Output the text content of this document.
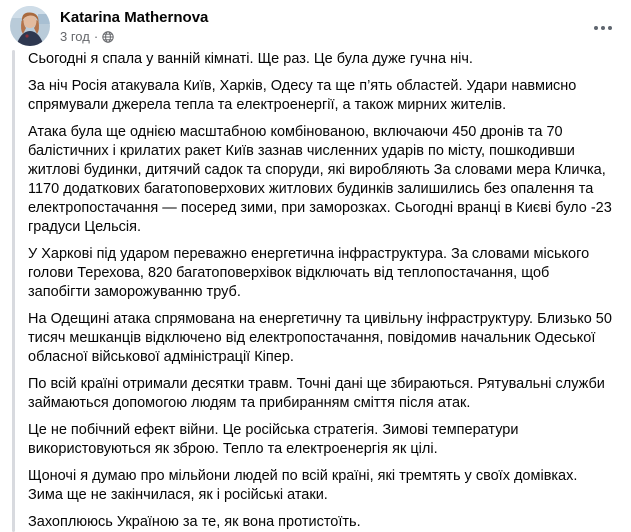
Katarina Mathernova
3 год ·

Сьогодні я спала у ванній кімнаті. Ще раз. Це була дуже гучна ніч.

За ніч Росія атакувала Київ, Харків, Одесу та ще п’ять областей. Удари навмисно спрямували джерела тепла та електроенергії, а також мирних жителів.

Атака була ще однією масштабною комбінованою, включаючи 450 дронів та 70 балістичних і крилатих ракет Київ зазнав численних ударів по місту, пошкодивши житлові будинки, дитячий садок та споруди, які виробляють За словами мера Кличка, 1170 додаткових багатоповерхових житлових будинків залишились без опалення та електропостачання — посеред зими, при заморозках. Сьогодні вранці в Києві було -23 градуси Цельсія.

У Харкові під ударом переважно енергетична інфраструктура. За словами міського голови Терехова, 820 багатоповерхівок відключать від теплопостачання, щоб запобігти заморожуванню труб.

На Одещині атака спрямована на енергетичну та цивільну інфраструктуру. Близько 50 тисяч мешканців відключено від електропостачання, повідомив начальник Одеської обласної військової адміністрації Кіпер.

По всій країні отримали десятки травм. Точні дані ще збираються. Рятувальні служби займаються допомогою людям та прибиранням сміття після атак.

Це не побічний ефект війни. Це російська стратегія. Зимові температури використовуються як зброю. Тепло та електроенергія як цілі.

Щоночі я думаю про мільйони людей по всій країні, які тремтять у своїх домівках. Зима ще не закінчилася, як і російські атаки.

Захоплююсь Україною за те, як вона протистоїть.
